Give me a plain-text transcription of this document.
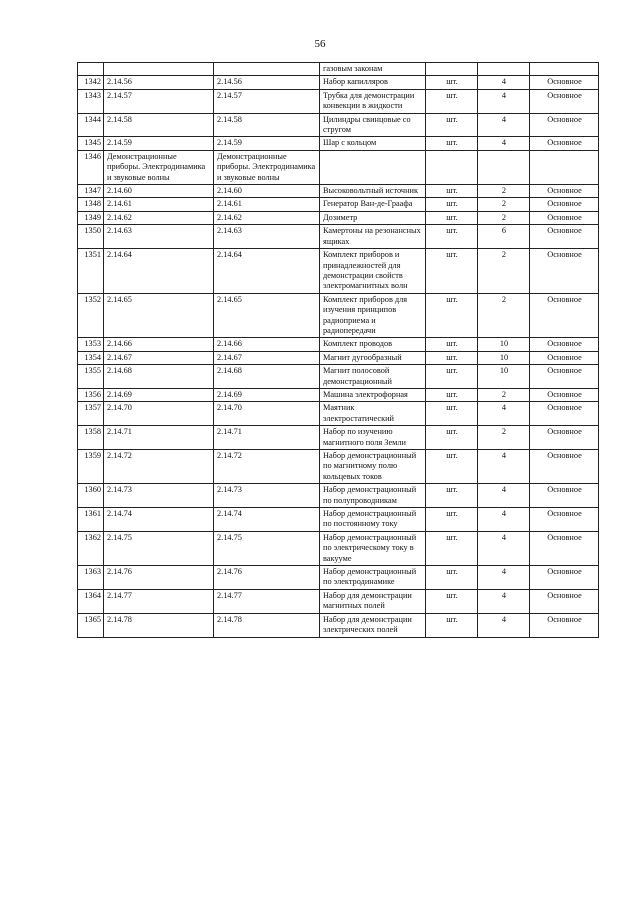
56
			газовым законам			
1342	2.14.56	2.14.56	Набор капилляров	шт.	4	Основное
1343	2.14.57	2.14.57	Трубка для демонстрации конвекции в жидкости	шт.	4	Основное
1344	2.14.58	2.14.58	Цилиндры свинцовые со стругом	шт.	4	Основное
1345	2.14.59	2.14.59	Шар с кольцом	шт.	4	Основное
1346	Демонстрационные приборы. Электродинамика и звуковые волны	Демонстрационные приборы. Электродинамика и звуковые волны				
1347	2.14.60	2.14.60	Высоковольтный источник	шт.	2	Основное
1348	2.14.61	2.14.61	Генератор Ван-де-Граафа	шт.	2	Основное
1349	2.14.62	2.14.62	Дозиметр	шт.	2	Основное
1350	2.14.63	2.14.63	Камертоны на резонансных ящиках	шт.	6	Основное
1351	2.14.64	2.14.64	Комплект приборов и принадлежностей для демонстрации свойств электромагнитных волн	шт.	2	Основное
1352	2.14.65	2.14.65	Комплект приборов для изучения принципов радиоприема и радиопередачи	шт.	2	Основное
1353	2.14.66	2.14.66	Комплект проводов	шт.	10	Основное
1354	2.14.67	2.14.67	Магнит дугообразный	шт.	10	Основное
1355	2.14.68	2.14.68	Магнит полосовой демонстрационный	шт.	10	Основное
1356	2.14.69	2.14.69	Машина электрофорная	шт.	2	Основное
1357	2.14.70	2.14.70	Маятник электростатический	шт.	4	Основное
1358	2.14.71	2.14.71	Набор по изучению магнитного поля Земли	шт.	2	Основное
1359	2.14.72	2.14.72	Набор демонстрационный по магнитному полю кольцевых токов	шт.	4	Основное
1360	2.14.73	2.14.73	Набор демонстрационный по полупроводникам	шт.	4	Основное
1361	2.14.74	2.14.74	Набор демонстрационный по постоянному току	шт.	4	Основное
1362	2.14.75	2.14.75	Набор демонстрационный по электрическому току в вакууме	шт.	4	Основное
1363	2.14.76	2.14.76	Набор демонстрационный по электродинамике	шт.	4	Основное
1364	2.14.77	2.14.77	Набор для демонстрации магнитных полей	шт.	4	Основное
1365	2.14.78	2.14.78	Набор для демонстрации электрических полей	шт.	4	Основное
